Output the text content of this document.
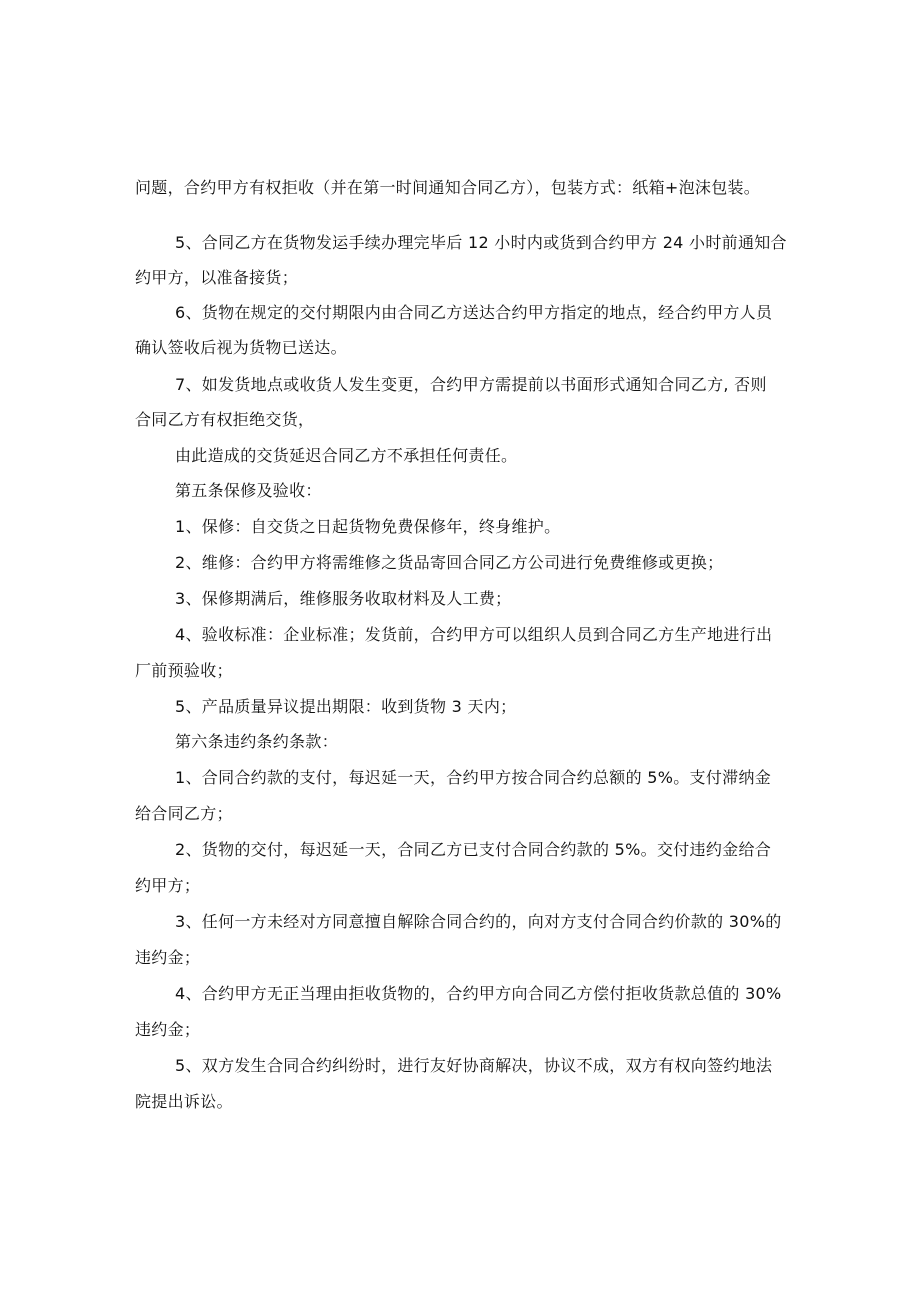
问题，合约甲方有权拒收（并在第一时间通知合同乙方），包装方式：纸箱+泡沫包装。
5、合同乙方在货物发运手续办理完毕后 12 小时内或货到合约甲方 24 小时前通知合
约甲方，以准备接货；
6、货物在规定的交付期限内由合同乙方送达合约甲方指定的地点，经合约甲方人员
确认签收后视为货物已送达。
7、如发货地点或收货人发生变更，合约甲方需提前以书面形式通知合同乙方, 否则
合同乙方有权拒绝交货，
由此造成的交货延迟合同乙方不承担任何责任。
第五条保修及验收：
1、保修：自交货之日起货物免费保修年，终身维护。
2、维修：合约甲方将需维修之货品寄回合同乙方公司进行免费维修或更换；
3、保修期满后，维修服务收取材料及人工费；
4、验收标准：企业标准；发货前，合约甲方可以组织人员到合同乙方生产地进行出
厂前预验收；
5、产品质量异议提出期限：收到货物 3 天内；
第六条违约条约条款：
1、合同合约款的支付，每迟延一天，合约甲方按合同合约总额的 5%。支付滞纳金
给合同乙方；
2、货物的交付，每迟延一天，合同乙方已支付合同合约款的 5%。交付违约金给合
约甲方；
3、任何一方未经对方同意擅自解除合同合约的，向对方支付合同合约价款的 30%的
违约金；
4、合约甲方无正当理由拒收货物的，合约甲方向合同乙方偿付拒收货款总值的 30%
违约金；
5、双方发生合同合约纠纷时，进行友好协商解决，协议不成，双方有权向签约地法
院提出诉讼。
